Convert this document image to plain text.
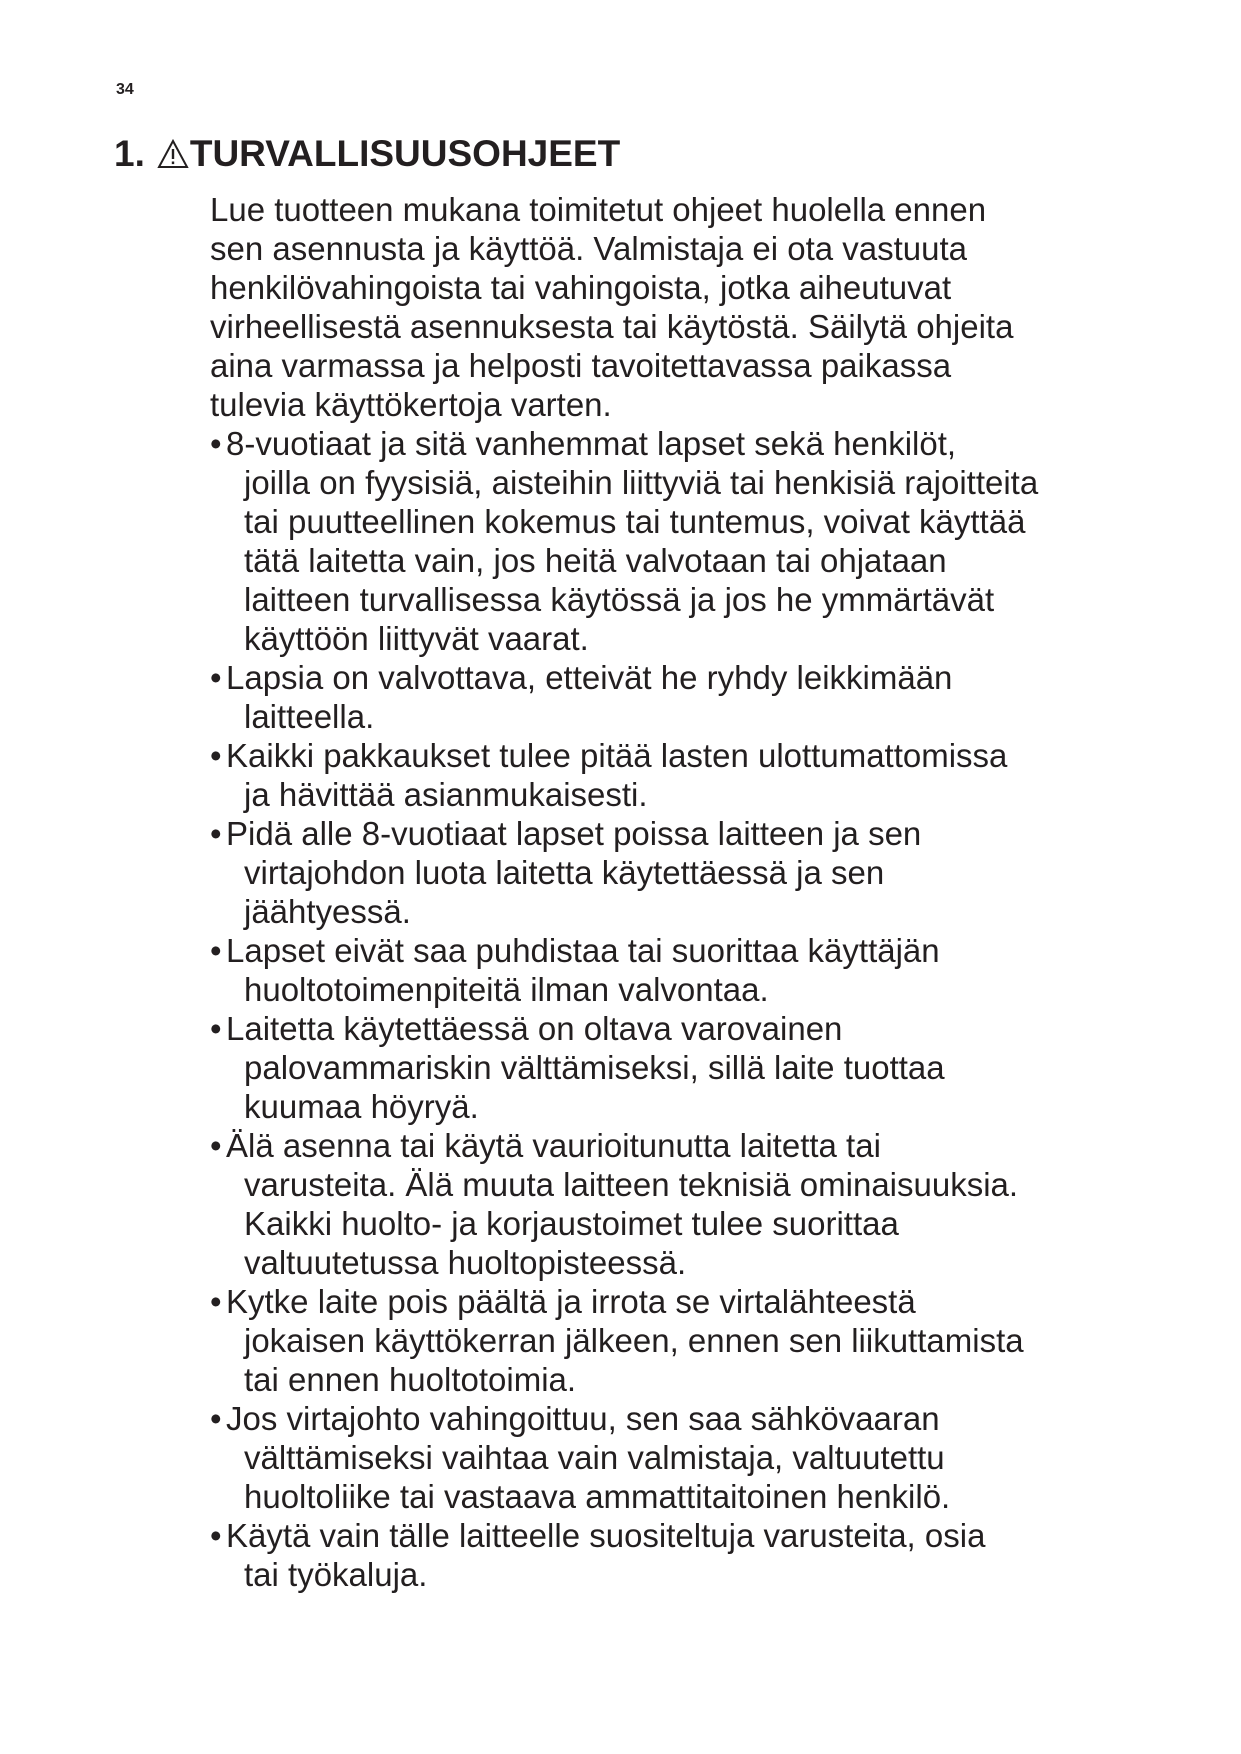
34
1. TURVALLISUUSOHJEET
Lue tuotteen mukana toimitetut ohjeet huolella ennen
sen asennusta ja käyttöä. Valmistaja ei ota vastuuta
henkilövahingoista tai vahingoista, jotka aiheutuvat
virheellisestä asennuksesta tai käytöstä. Säilytä ohjeita
aina varmassa ja helposti tavoitettavassa paikassa
tulevia käyttökertoja varten.
• 8-vuotiaat ja sitä vanhemmat lapset sekä henkilöt,
joilla on fyysisiä, aisteihin liittyviä tai henkisiä rajoitteita
tai puutteellinen kokemus tai tuntemus, voivat käyttää
tätä laitetta vain, jos heitä valvotaan tai ohjataan
laitteen turvallisessa käytössä ja jos he ymmärtävät
käyttöön liittyvät vaarat.
• Lapsia on valvottava, etteivät he ryhdy leikkimään
laitteella.
• Kaikki pakkaukset tulee pitää lasten ulottumattomissa
ja hävittää asianmukaisesti.
• Pidä alle 8-vuotiaat lapset poissa laitteen ja sen
virtajohdon luota laitetta käytettäessä ja sen
jäähtyessä.
• Lapset eivät saa puhdistaa tai suorittaa käyttäjän
huoltotoimenpiteitä ilman valvontaa.
• Laitetta käytettäessä on oltava varovainen
palovammariskin välttämiseksi, sillä laite tuottaa
kuumaa höyryä.
• Älä asenna tai käytä vaurioitunutta laitetta tai
varusteita. Älä muuta laitteen teknisiä ominaisuuksia.
Kaikki huolto- ja korjaustoimet tulee suorittaa
valtuutetussa huoltopisteessä.
• Kytke laite pois päältä ja irrota se virtalähteestä
jokaisen käyttökerran jälkeen, ennen sen liikuttamista
tai ennen huoltotoimia.
• Jos virtajohto vahingoittuu, sen saa sähkövaaran
välttämiseksi vaihtaa vain valmistaja, valtuutettu
huoltoliike tai vastaava ammattitaitoinen henkilö.
• Käytä vain tälle laitteelle suositeltuja varusteita, osia
tai työkaluja.
